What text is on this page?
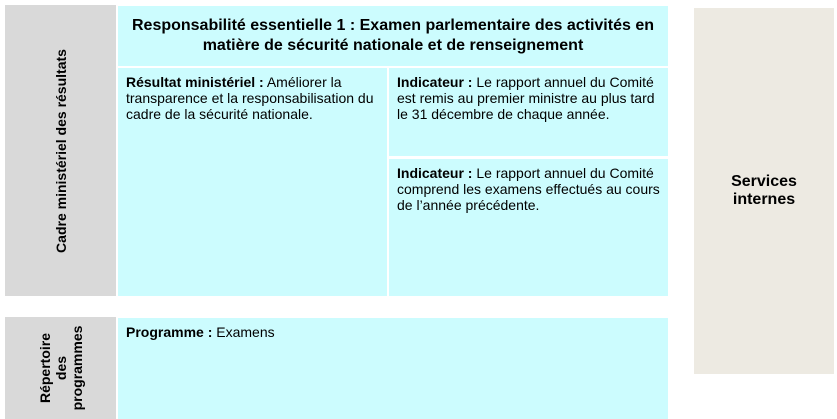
Cadre ministériel des résultats
Responsabilité essentielle 1 : Examen parlementaire des activités en matière de sécurité nationale et de renseignement
Résultat ministériel : Améliorer la transparence et la responsabilisation du cadre de la sécurité nationale.
Indicateur : Le rapport annuel du Comité est remis au premier ministre au plus tard le 31 décembre de chaque année.
Indicateur : Le rapport annuel du Comité comprend les examens effectués au cours de l’année précédente.
Répertoire des programmes	Programme : Examens
Services internes
